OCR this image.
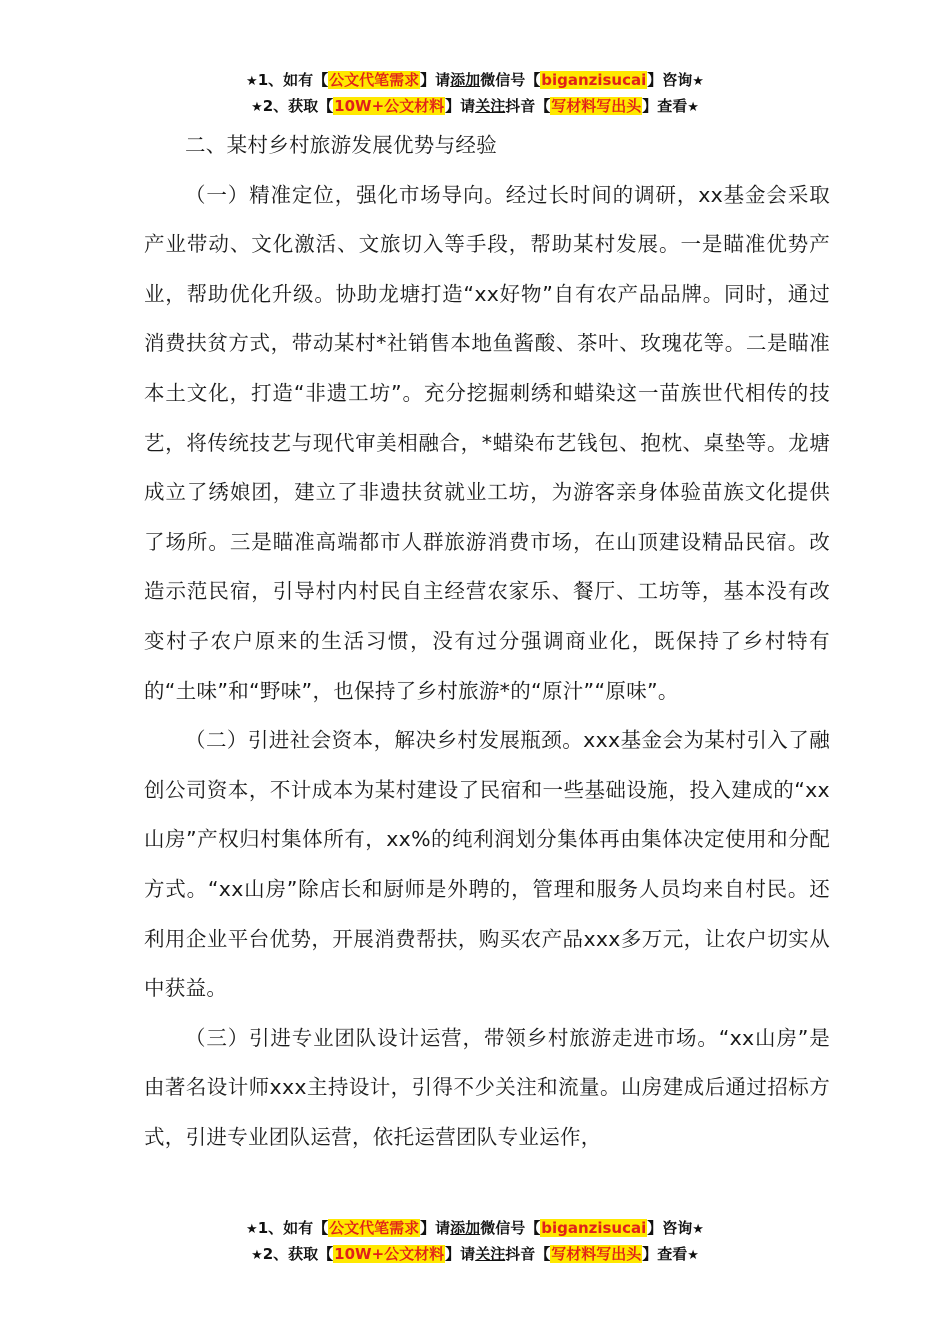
★1、如有【公文代笔需求】请添加微信号【biganzisucai】咨询★
★2、获取【10W+公文材料】请关注抖音【写材料写出头】查看★

二、某村乡村旅游发展优势与经验

（一）精准定位，强化市场导向。经过长时间的调研，xx基金会采取产业带动、文化激活、文旅切入等手段，帮助某村发展。一是瞄准优势产业，帮助优化升级。协助龙塘打造“xx好物”自有农产品品牌。同时，通过消费扶贫方式，带动某村*社销售本地鱼酱酸、茶叶、玫瑰花等。二是瞄准本土文化，打造“非遗工坊”。充分挖掘刺绣和蜡染这一苗族世代相传的技艺，将传统技艺与现代审美相融合，*蜡染布艺钱包、抱枕、桌垫等。龙塘成立了绣娘团，建立了非遗扶贫就业工坊，为游客亲身体验苗族文化提供了场所。三是瞄准高端都市人群旅游消费市场，在山顶建设精品民宿。改造示范民宿，引导村内村民自主经营农家乐、餐厅、工坊等，基本没有改变村子农户原来的生活习惯，没有过分强调商业化，既保持了乡村特有的“土味”和“野味”，也保持了乡村旅游*的“原汁”“原味”。

（二）引进社会资本，解决乡村发展瓶颈。xxx基金会为某村引入了融创公司资本，不计成本为某村建设了民宿和一些基础设施，投入建成的“xx山房”产权归村集体所有，xx%的纯利润划分集体再由集体决定使用和分配方式。“xx山房”除店长和厨师是外聘的，管理和服务人员均来自村民。还利用企业平台优势，开展消费帮扶，购买农产品xxx多万元，让农户切实从中获益。

（三）引进专业团队设计运营，带领乡村旅游走进市场。“xx山房”是由著名设计师xxx主持设计，引得不少关注和流量。山房建成后通过招标方式，引进专业团队运营，依托运营团队专业运作，

★1、如有【公文代笔需求】请添加微信号【biganzisucai】咨询★
★2、获取【10W+公文材料】请关注抖音【写材料写出头】查看★
